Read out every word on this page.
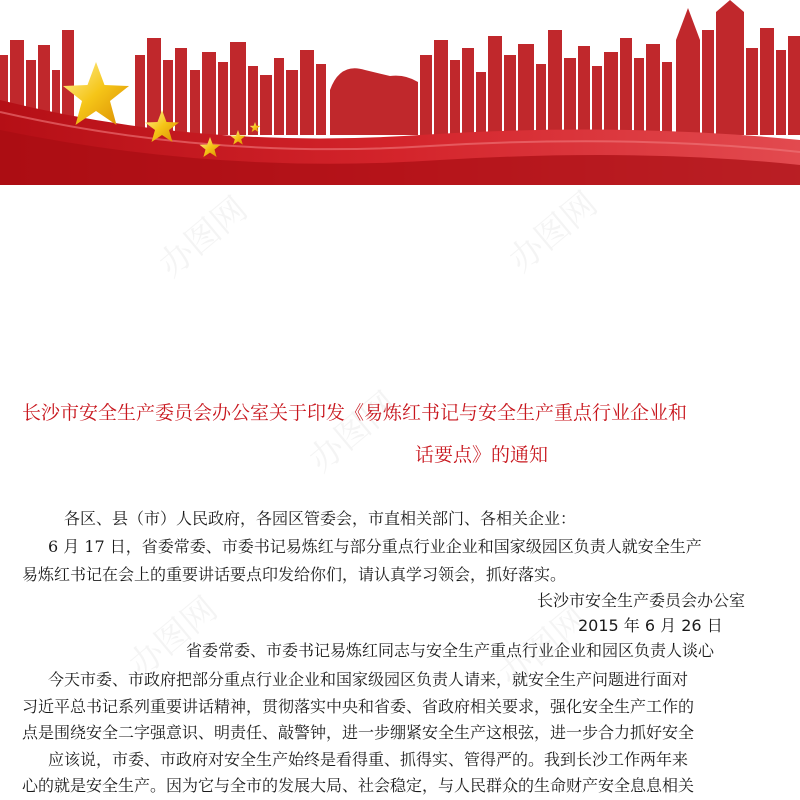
办图网	办图网
办图网
办图网	办图网
长沙市安全生产委员会办公室关于印发《易炼红书记与安全生产重点行业企业和
话要点》的通知
各区、县（市）人民政府，各园区管委会，市直相关部门、各相关企业：
6 月 17 日，省委常委、市委书记易炼红与部分重点行业企业和国家级园区负责人就安全生产
易炼红书记在会上的重要讲话要点印发给你们，请认真学习领会，抓好落实。
长沙市安全生产委员会办公室
2015 年 6 月 26 日
省委常委、市委书记易炼红同志与安全生产重点行业企业和园区负责人谈心
今天市委、市政府把部分重点行业企业和国家级园区负责人请来，就安全生产问题进行面对
习近平总书记系列重要讲话精神，贯彻落实中央和省委、省政府相关要求，强化安全生产工作的
点是围绕安全二字强意识、明责任、敲警钟，进一步绷紧安全生产这根弦，进一步合力抓好安全
应该说，市委、市政府对安全生产始终是看得重、抓得实、管得严的。我到长沙工作两年来
心的就是安全生产。因为它与全市的发展大局、社会稳定，与人民群众的生命财产安全息息相关
